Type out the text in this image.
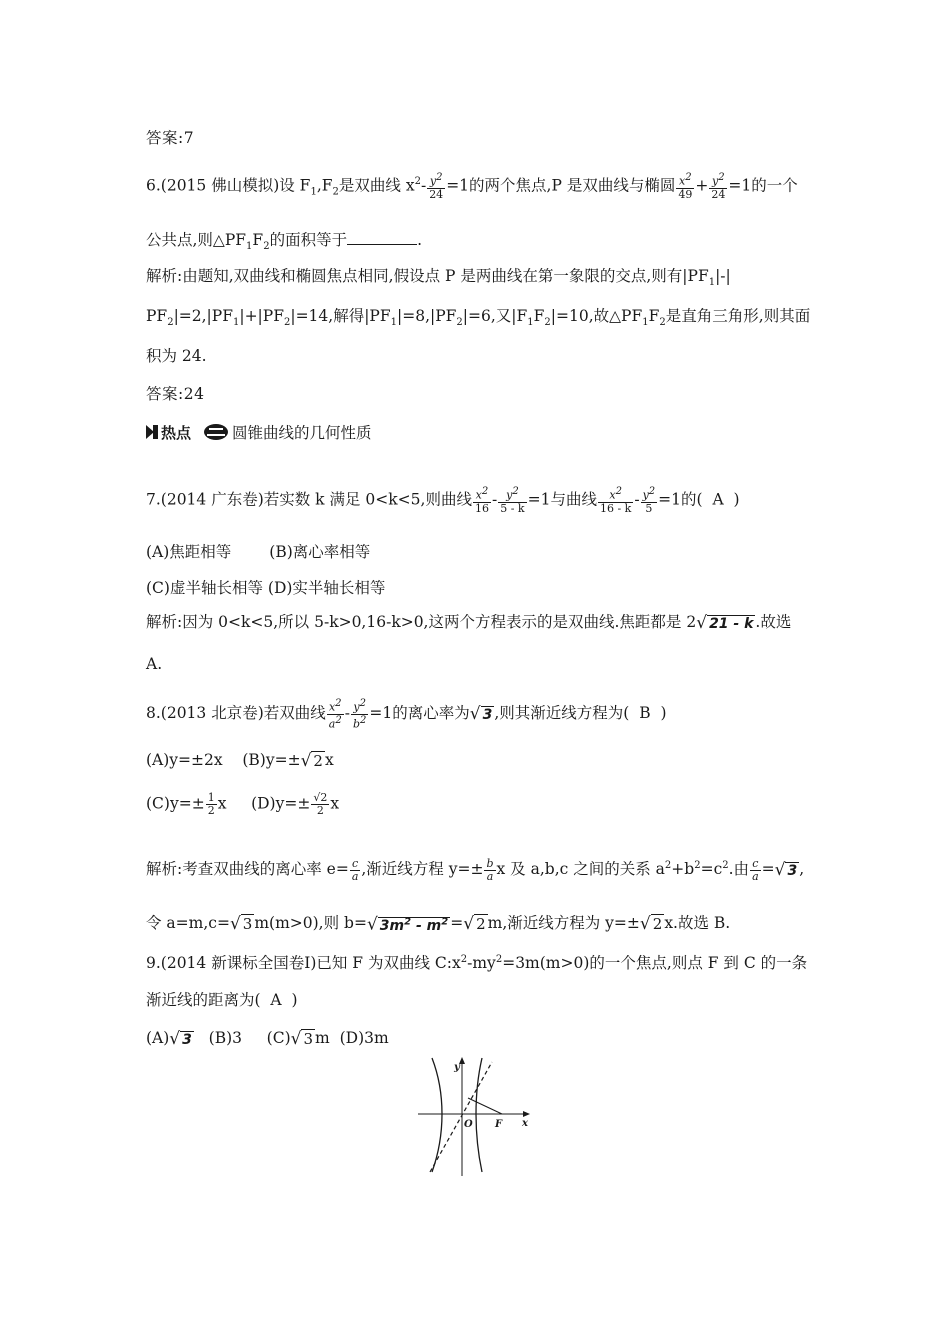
答案:7
6.(2015 佛山模拟)设 $F_1,F_2$是双曲线 $x^2- \frac{y^2}{24} =1$的两个焦点,P 是双曲线与椭圆 $\frac{x^2}{49} + \frac{y^2}{24} =1$的一个
公共点,则$\triangle PF_1F_2$的面积等于	.
解析:由题知,双曲线和椭圆焦点相同,假设点 P 是两曲线在第一象限的交点,则有$|PF_1|-|$
$PF_2|=2,|PF_1|+|PF_2|=14$,解得$|PF_1|=8,|PF_2|=6$,又$|F_1F_2|=10$,故$\triangle PF_1F_2$是直角三角形,则其面
积为 24.
答案:24
热点	圆锥曲线的几何性质
7.(2014 广东卷)若实数 k 满足 0<k<5,则曲线 $\frac{x^2}{16} - \frac{y^2}{5 - k} =1$与曲线 $\frac{x^2}{16 - k} - \frac{y^2}{5} =1$的( A )
(A)焦距相等 (B)离心率相等
(C)虚半轴长相等 (D)实半轴长相等
解析:因为 0<k<5,所以 5-k>0,16-k>0,这两个方程表示的是双曲线.焦距都是 2√ 21 - k .故选
A.
8.(2013 北京卷)若双曲线 $\frac{x^2}{a^2} - \frac{y^2}{b^2} =1$的离心率为√ 3 ,则其渐近线方程为( B )
(A)y=±2x (B)y=±√ 2 x
$(C)y=\pm \frac{1}{2}$ x $(D)y=\pm \frac{√2}{2}$ x
解析:考查双曲线的离心率 $e= \frac{c}{a}$ ,渐近线方程 $y=\pm \frac{b}{a}$ x 及 a,b,c 之间的关系 $a^2+b^2=c^2$.由 $\frac{c}{a}$ =√ 3 ,
令 a=m,c=√ 3 m(m>0),则 b=√ $3m^2 - m^2$ =√ 2 m,渐近线方程为 y=±√ 2 x.故选 B.
9.(2014 新课标全国卷Ⅰ)已知 F 为双曲线 $C:x^2-my^2=3m(m>0)$的一个焦点,则点 F 到 C 的一条
渐近线的距离为( A )
(A)√ 3 (B)3 (C)√ 3 m (D)3m
y
x
O F
